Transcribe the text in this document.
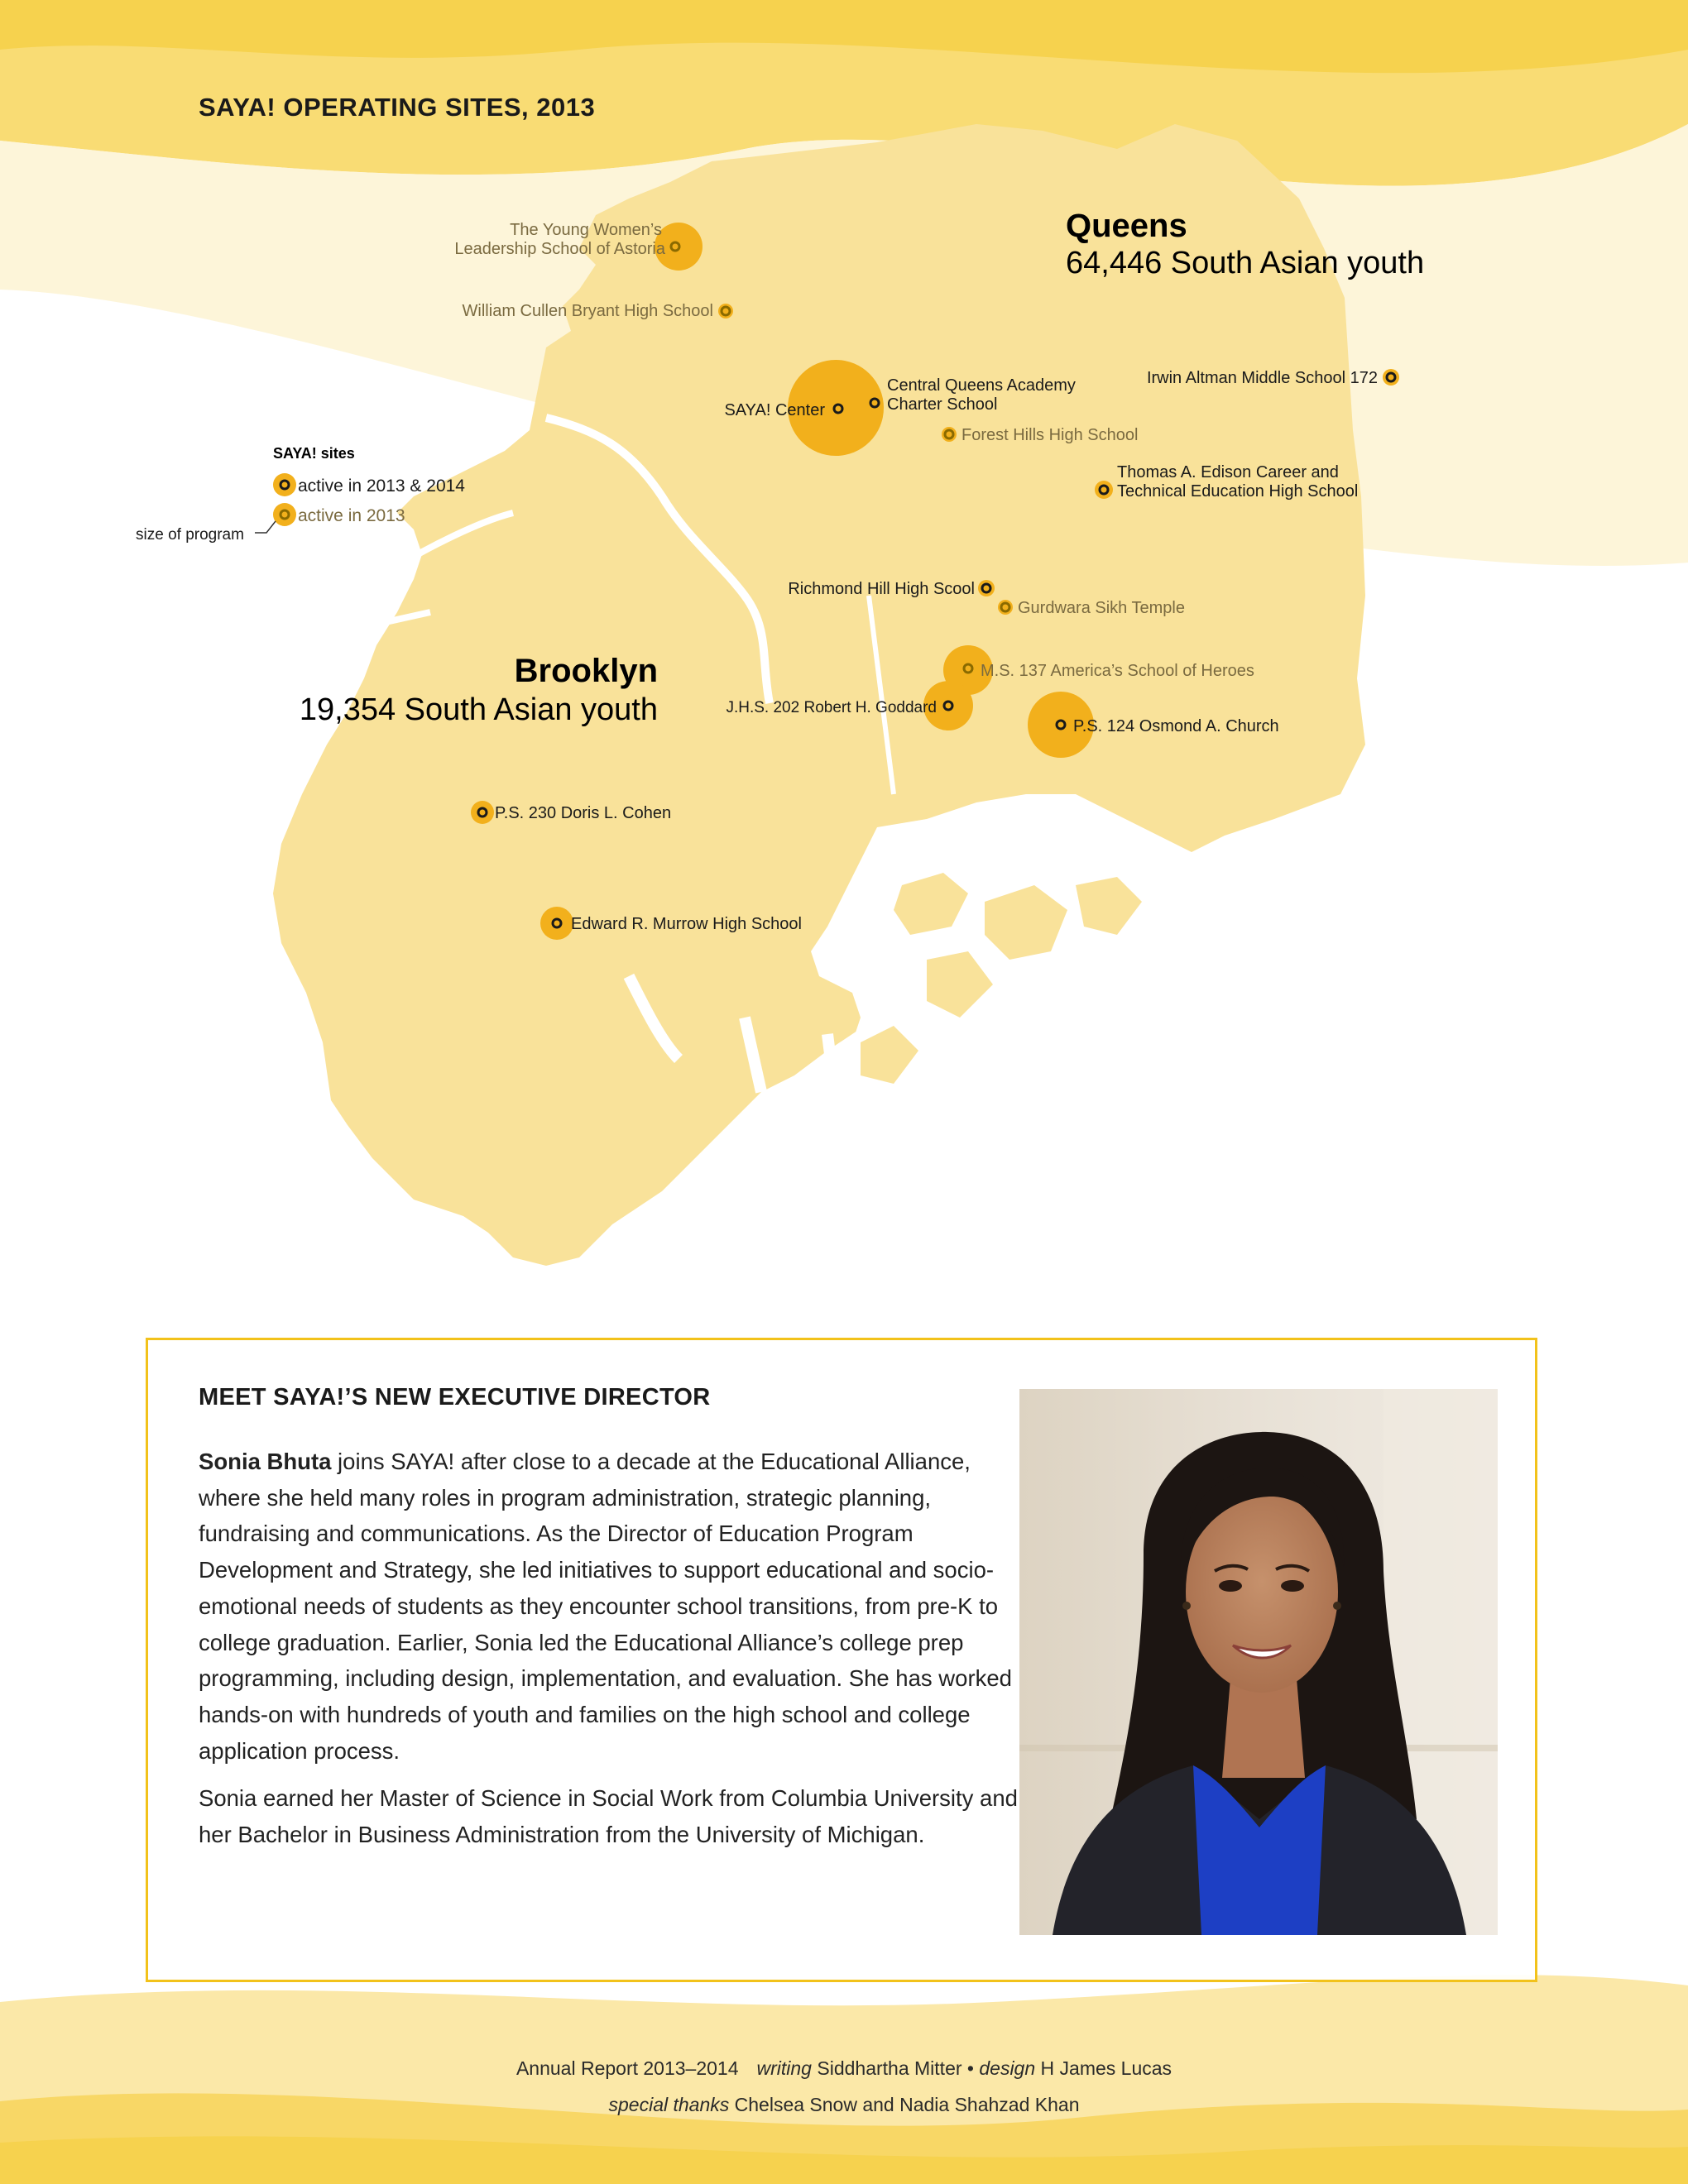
SAYA! sites
active in 2013 & 2014
active in 2013
size of program
Queens
64,446 South Asian youth
Brooklyn
19,354 South Asian youth
The Young Women’s
Leadership School of Astoria
William Cullen Bryant High School
Central Queens Academy
Charter School
SAYA! Center
Forest Hills High School
Irwin Altman Middle School 172
Thomas A. Edison Career and
Technical Education High School
Richmond Hill High Scool
Gurdwara Sikh Temple
M.S. 137 America’s School of Heroes
J.H.S. 202 Robert H. Goddard
P.S. 124 Osmond A. Church
P.S. 230 Doris L. Cohen
Edward R. Murrow High School
SAYA! OPERATING SITES, 2013
MEET SAYA!’S NEW EXECUTIVE DIRECTOR

Sonia Bhuta joins SAYA! after close to a decade at the Educational Alliance, where she held many roles in program administration, strategic planning, fundraising and communications. As the Director of Education Program Development and Strategy, she led initiatives to support educational and socio-emotional needs of students as they encounter school transitions, from pre-K to college graduation. Earlier, Sonia led the Educational Alliance’s college prep programming, including design, implementation, and evaluation. She has worked hands-on with hundreds of youth and families on the high school and college application process.

Sonia earned her Master of Science in Social Work from Columbia University and her Bachelor in Business Administration from the University of Michigan.

Annual Report 2013–2014 writing Siddhartha Mitter • design H James Lucas
special thanks Chelsea Snow and Nadia Shahzad Khan
